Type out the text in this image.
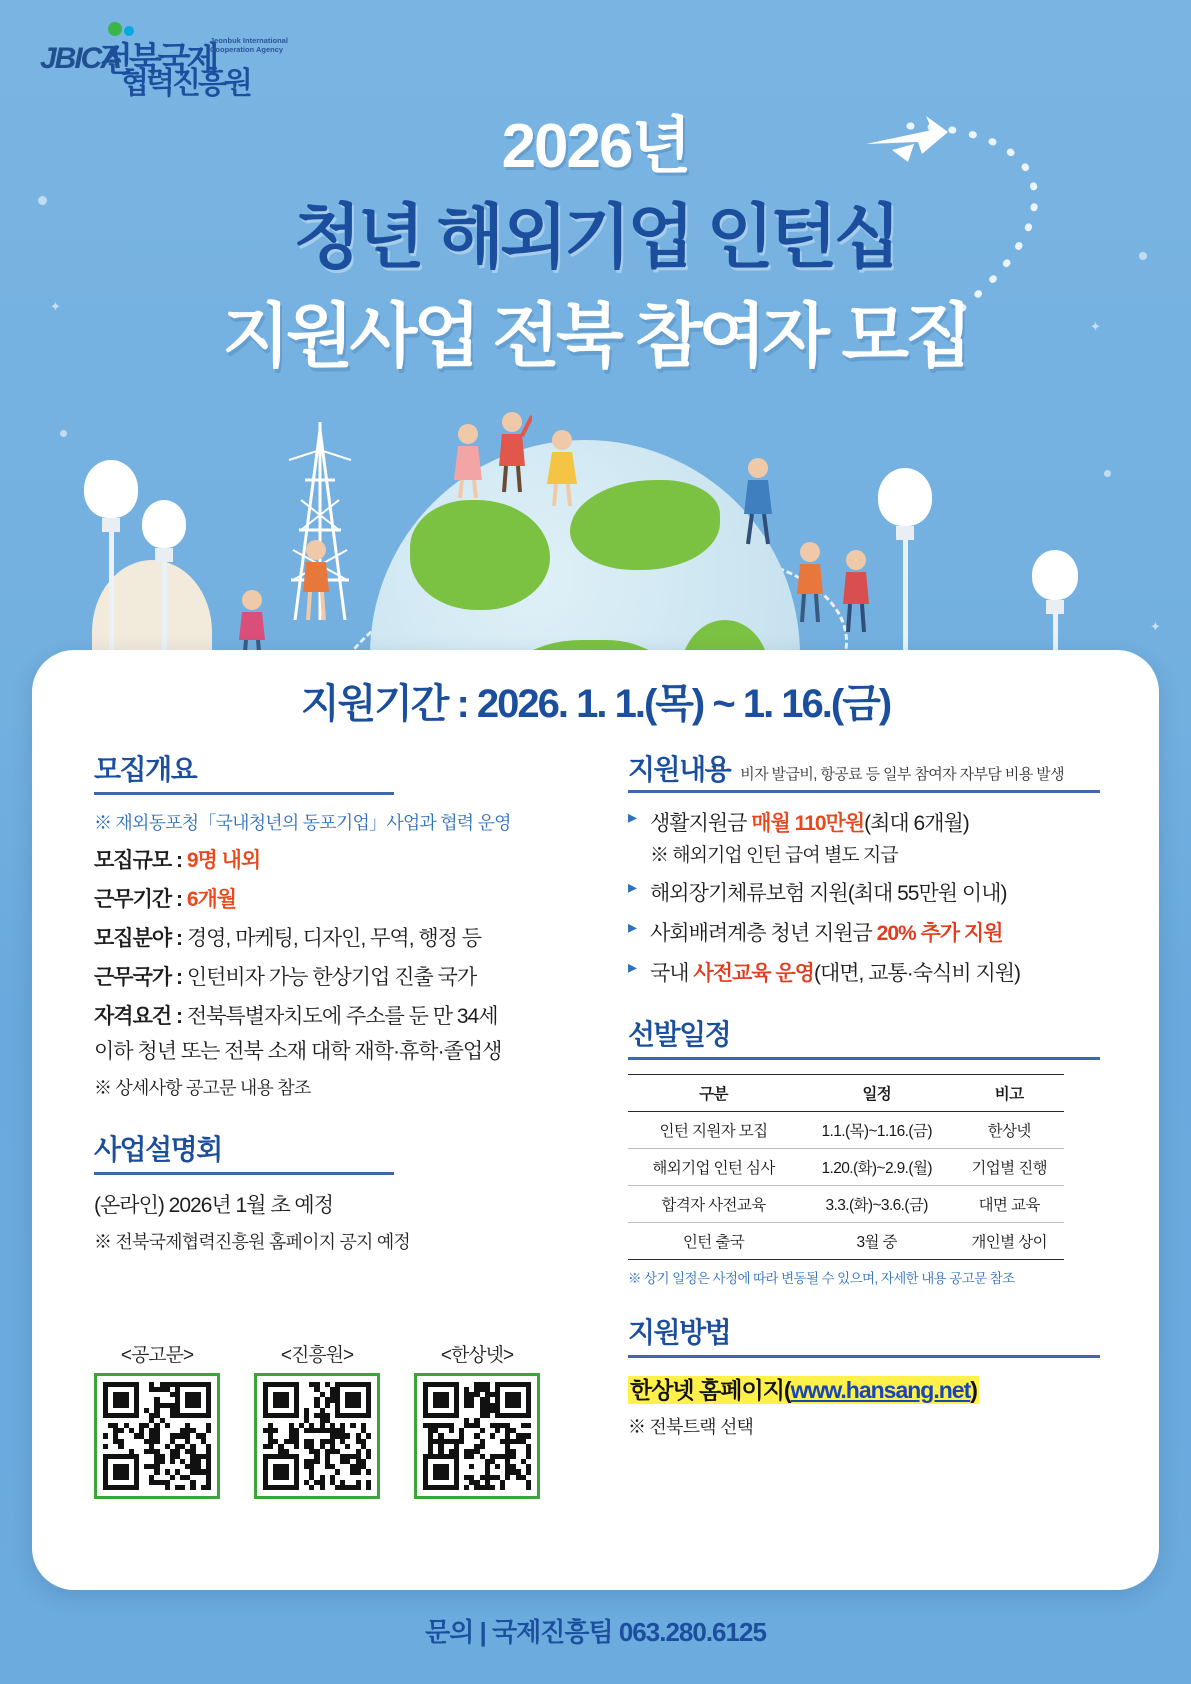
✦
✦
✦
JBICA
전북국제
협력진흥원
Jeonbuk International Cooperation Agency
2026년
청년 해외기업 인턴십
지원사업 전북 참여자 모집
지원기간 : 2026. 1. 1.(목) ~ 1. 16.(금)
모집개요
※ 재외동포청「국내청년의 동포기업」사업과 협력 운영
모집규모 : 9명 내외
근무기간 : 6개월
모집분야 : 경영, 마케팅, 디자인, 무역, 행정 등
근무국가 : 인턴비자 가능 한상기업 진출 국가
자격요건 : 전북특별자치도에 주소를 둔 만 34세
이하 청년 또는 전북 소재 대학 재학·휴학·졸업생
※ 상세사항 공고문 내용 참조
사업설명회
(온라인) 2026년 1월 초 예정
※ 전북국제협력진흥원 홈페이지 공지 예정
<공고문>	<진흥원>	<한상넷>
지원내용 비자 발급비, 항공료 등 일부 참여자 자부담 비용 발생
▸ 생활지원금 매월 110만원(최대 6개월)
※ 해외기업 인턴 급여 별도 지급
▸ 해외장기체류보험 지원(최대 55만원 이내)
▸ 사회배려계층 청년 지원금 20% 추가 지원
▸ 국내 사전교육 운영(대면, 교통·숙식비 지원)
선발일정
구분	일정	비고
인턴 지원자 모집	1.1.(목)~1.16.(금)	한상넷
해외기업 인턴 심사	1.20.(화)~2.9.(월)	기업별 진행
합격자 사전교육	3.3.(화)~3.6.(금)	대면 교육
인턴 출국	3월 중	개인별 상이
※ 상기 일정은 사정에 따라 변동될 수 있으며, 자세한 내용 공고문 참조
지원방법
한상넷 홈페이지(www.hansang.net)
※ 전북트랙 선택
문의 | 국제진흥팀 063.280.6125
